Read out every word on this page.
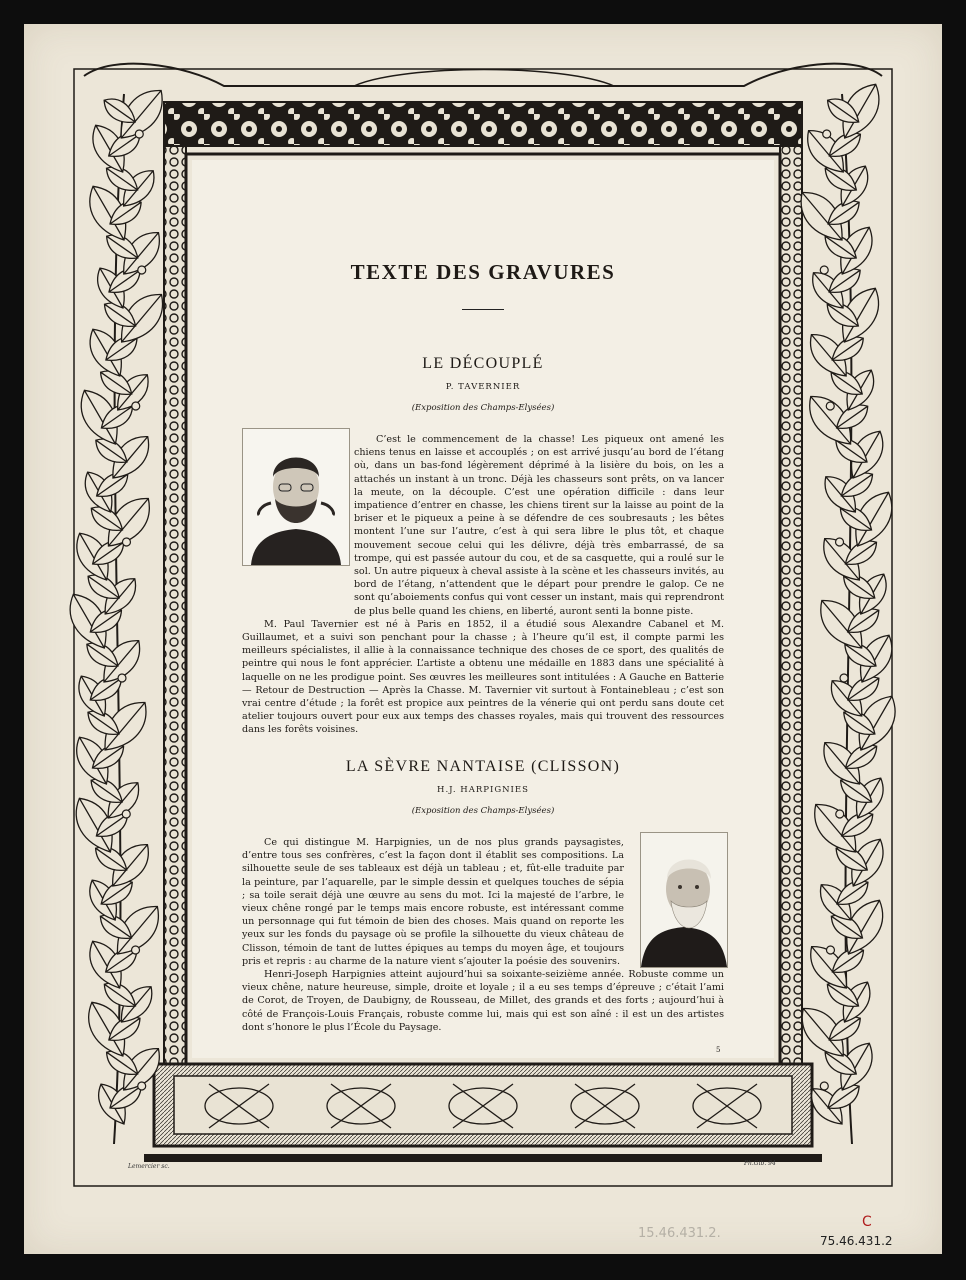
TEXTE DES GRAVURES
LE DÉCOUPLÉ
P. TAVERNIER
(Exposition des Champs-Elysées)

C’est le commencement de la chasse! Les piqueux ont amené les chiens tenus en laisse et accouplés ; on est arrivé jusqu’au bord de l’étang où, dans un bas-fond légèrement déprimé à la lisière du bois, on les a attachés un instant à un tronc. Déjà les chasseurs sont prêts, on va lancer la meute, on la découple. C’est une opération difficile : dans leur impatience d’entrer en chasse, les chiens tirent sur la laisse au point de la briser et le piqueux a peine à se défendre de ces soubresauts ; les bêtes montent l’une sur l’autre, c’est à qui sera libre le plus tôt, et chaque mouvement secoue celui qui les délivre, déjà très embarrassé, de sa trompe, qui est passée autour du cou, et de sa casquette, qui a roulé sur le sol. Un autre piqueux à cheval assiste à la scène et les chasseurs invités, au bord de l’étang, n’attendent que le départ pour prendre le galop. Ce ne sont qu’aboiements confus qui vont cesser un instant, mais qui reprendront de plus belle quand les chiens, en liberté, auront senti la bonne piste.

M. Paul Tavernier est né à Paris en 1852, il a étudié sous Alexandre Cabanel et M. Guillaumet, et a suivi son penchant pour la chasse ; à l’heure qu’il est, il compte parmi les meilleurs spécialistes, il allie à la connaissance technique des choses de ce sport, des qualités de peintre qui nous le font apprécier. L’artiste a obtenu une médaille en 1883 dans une spécialité à laquelle on ne les prodigue point. Ses œuvres les meilleures sont intitulées : A Gauche en Batterie — Retour de Destruction — Après la Chasse. M. Tavernier vit surtout à Fontainebleau ; c’est son vrai centre d’étude ; la forêt est propice aux peintres de la vénerie qui ont perdu sans doute cet atelier toujours ouvert pour eux aux temps des chasses royales, mais qui trouvent des ressources dans les forêts voisines.

LA SÈVRE NANTAISE (CLISSON)
H.J. HARPIGNIES
(Exposition des Champs-Elysées)

Ce qui distingue M. Harpignies, un de nos plus grands paysagistes, d’entre tous ses confrères, c’est la façon dont il établit ses compositions. La silhouette seule de ses tableaux est déjà un tableau ; et, fût-elle traduite par la peinture, par l’aquarelle, par le simple dessin et quelques touches de sépia ; sa toile serait déjà une œuvre au sens du mot. Ici la majesté de l’arbre, le vieux chêne rongé par le temps mais encore robuste, est intéressant comme un personnage qui fut témoin de bien des choses. Mais quand on reporte les yeux sur les fonds du paysage où se profile la silhouette du vieux château de Clisson, témoin de tant de luttes épiques au temps du moyen âge, et toujours pris et repris : au charme de la nature vient s’ajouter la poésie des souvenirs.

Henri-Joseph Harpignies atteint aujourd’hui sa soixante-seizième année. Robuste comme un vieux chêne, nature heureuse, simple, droite et loyale ; il a eu ses temps d’épreuve ; c’était l’ami de Corot, de Troyen, de Daubigny, de Rousseau, de Millet, des grands et des forts ; aujourd’hui à côté de François-Louis Français, robuste comme lui, mais qui est son aîné : il est un des artistes dont s’honore le plus l’École du Paysage.

5
Lemercier sc.	Ph.Gib. 94
15.46.431.2.
C
75.46.431.2
